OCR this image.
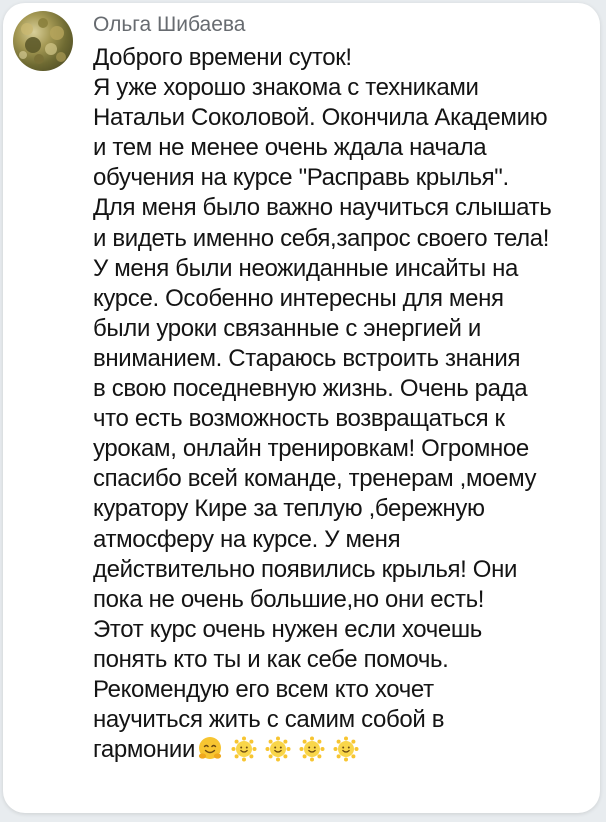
Ольга Шибаева
Доброго времени суток!
Я уже хорошо знакома с техниками
Натальи Соколовой. Окончила Академию
и тем не менее очень ждала начала
обучения на курсе "Расправь крылья".
Для меня было важно научиться слышать
и видеть именно себя,запрос своего тела!
У меня были неожиданные инсайты на
курсе. Особенно интересны для меня
были уроки связанные с энергией и
вниманием. Стараюсь встроить знания
в свою поседневную жизнь. Очень рада
что есть возможность возвращаться к
урокам, онлайн тренировкам! Огромное
спасибо всей команде, тренерам ,моему
куратору Кире за теплую ,бережную
атмосферу на курсе. У меня
действительно появились крылья! Они
пока не очень большие,но они есть!
Этот курс очень нужен если хочешь
понять кто ты и как себе помочь.
Рекомендую его всем кто хочет
научиться жить с самим собой в
гармонии
